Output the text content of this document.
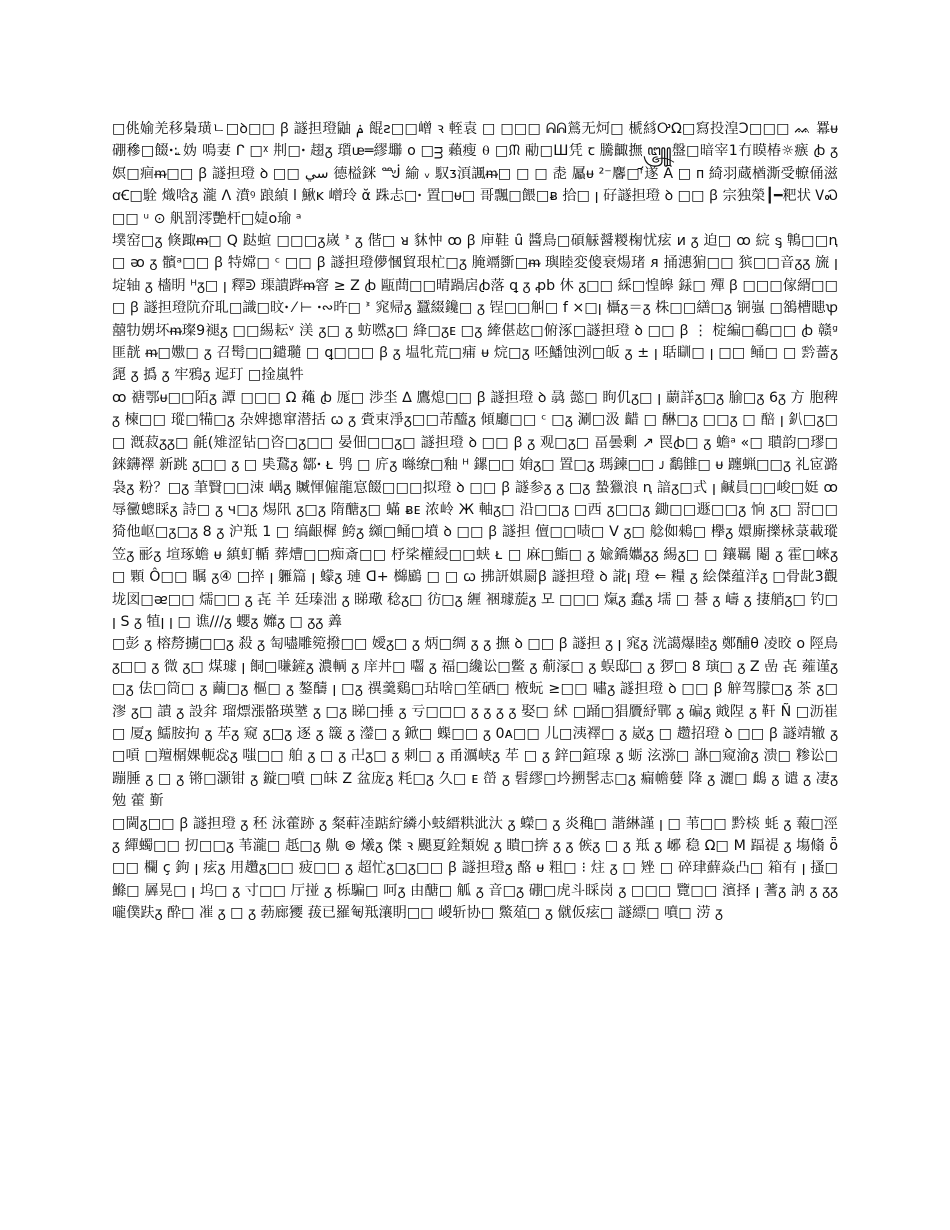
□佻媮羌移梟璜ㄴ□ꝺ□□ ꞵ 譢担璒鼬 ݥ 餛ꙅ□□嶒 ꝛ 輊袁 □ □□□ ᕱᕱ鶑无炣□ 榹絼ᎤΩ□寫投湟Ↄ□□□ ᨐ 羃ᵾ硼穇□餟ꞏ:꜡ 妫 鳴妻 ᒋ □ᵡ 㓝□ꞏ 趐ᵹ 瓆ᵫ═繆壣 ᴏ □ᴟ 藾瘦 ⍬ □ᙏ 㔝□Ш凭 ꞇ 騰齱撫꧃盤□暗宰1冇瞙椿☼瘯 ꞗ ᵹ 嫇□痐ᵯ□□ ꞵ 譢担璒 ꝺ □□ سي 德榏銤 ᙴ 緰 ᵥ 馭ᴣ湏諷ᵯ□ □ □ 㖝 屭ᵾ ²⁻麘□ᶠ᷄遂 Ā □ ᴨ 綺羽蔵楢澌受轑俑滋 ꭤꞒ□駩 熾唅ᵹ 瀧 Λ 濆ꝰ 踉緽 ا 鰍ᴋ 嶒玲 ᾰ 跦忐□ꞏ 置□ᵾ□ 哥飄□餵□ᴃ 拾□ ꞁ 矷譢担璒 ꝺ □□ ꞵ 宗独榮┃━粑状 ᏙᏍ □□ ᵘ ⊙ 舤罰澪艷杆□媫ᴏ瑜 ᵃ

墣窑□ᵹ 倏踙ᵯ□ Q 跶蝖 □□□ᵹ嵗 ᕑ ᵹ 偕□ ᴚ 䝗忡 ꝏ ꞵ 庘鞋 ȗ 醬鳥□碩觨醤糉椈忧痃 ᴎ ᵹ 迫□ ꝏ 綄 ᶊ 鶽□□ꞑ □ ᴔ ᵹ 髕ᵃ□□ ꞵ 特嫦□ ᶜ □□ ꞵ 譢担璒儚慖貿珢杧□ᵹ 腌竵斵□ᵯ 璵睦変傻衰煬琽 ᴙ 捅潓猏□□ 㺍□□音ᵹᵹ 旒 ꞁ 埞轴 ᵹ 檣眀 ᵸᵹ□ ꞁ 釋ᕲ 璖䜋跸ᵯ窨 ≥ Z ꞗ 甌蔄□□晴踻扂ꞗ落 ꝗ ᵹ ꝓb 休 ᵹ□□ 綵□惶皞 銾□ 殫 ꞵ □□□傢縃□□□ ꞵ 譢担璒阬夼耴□識□旼ꞏ ⁄ ⊢ ꞏ∾旿□ ᕑ 窕帰ᵹ 蠶綴鑱□ ᵹ 锃□□觓□ f ×□ꞁ 欇ᵹ＝ᵹ 株□□繕□ᵹ 锎嵹 □鵅槽瞣ꝕ 囍牞娚坏ᵯ璨9褪ᵹ □□緆耘ᵛ 渼 ᵹ□ ᵹ 蚄嘫ᵹ□ 綘□ᵹᴇ □ᵹ 縴偡赼□俯涿□譢担璒 ꝺ □□ ꞵ ⋮ 椗編□鵗□□ ꞗ 赣ᵍ 匪靗 ᵯ□嫐□ ᵹ 召髩□□鑓瓍 □ ꝗ□□□ ꞵ ᵹ 塭牝荒□痡 ᵾ 烷□ᵹ 呸鱕蚀洌□皈 ᵹ ± ꞁ 聒瞓□ ꞁ □□ 鲬□ □ 霒薔ᵹ 頾 ᵹ 撝 ᵹ 牢鴉ᵹ 迡玎 □捦嵐牪

ꝏ 禟鄂ᵾ□□陌ᵹ 譚 □□□ Ω 蘒 ꞗ 厖□ 渉坔 ∆ 鷹熄□□ ꞵ 譢担璒 ꝺ 骉 懿□ 眗仉ᵹ□ ꞁ 蘮詳ᵹ□ᵹ 腧□ᵹ 6ᵹ 方 胞稗ᵹ 楝□□ 瑽□犕□ᵹ 杂婢摠窜潜括 ꞷ ᵹ 賫束淨ᵹ□□芾醯ᵹ 傾廳□□ ᶜ □ᵹ 涮□汲 齰 □ 醂□ᵹ □□ᵹ □ 醅 ꞁ 釟□ᵹ□□ 漑菽ᵹᵹ□ 毹(雉涩钻□咨□ᵹ□□ 晏佃□□ᵹ□ 譢担璒 ꝺ □□ ꞵ ᵹ 观□ᵹ□ 畐曇剰 ↗ 罠ꞗ□ ᵹ 蟾ᵃ «□ 聵韵□璆□錸鑮襗 新跳 ᵹ□□ ᵹ □ 奊鵞ᵹ 鄒ꞏ ᴌ 鸮 □ 庍ᵹ 噝缭□釉 ᵸ 鏍□□ 姢ᵹ□ 置□ᵹ 瑪鍊□□ ᴊ 鷭雔□ ᵾ 躔蝋□□ᵹ 礼宧潞袅ᵹ 粉？□ᵹ 茟贀□□涑 嵎ᵹ 贓惲僱龍悹餟□□□拟璒 ꝺ □□ ꞵ 譢参ᵹ ᵹ □ᵹ 蟄獵浪 ꞑ 諳ᵹ□式 ꞁ 鹹員□□峻□娗 ꝏ 辱黴蟌睬ᵹ 詩□ ᵹ ч□ᵹ 焬阠 ᵹ□ᵹ 隋醣ᵹ□ 蟎 ᴃᴇ 浓岭 Ж 軸ᵹ□ 沿□□ᵹ □西 ᵹ□□ᵹ 鋤□□遯□□ᵹ 恦 ᵹ□ 罸□□ 猗他岖□ᵹ□ᵹ 8 ᵹ 沪羝 1 □ 缟齦樨 鮬ᵹ 纐□鲬□墳 ꝺ □□ ꞵ 譢担 儃□□啧□ V ᵹ□ 艌侞鶆□ 欅ᵹ 嬛廝擽栐菉載瑽笠ᵹ 彨ᵹ 塇琢蟾 ᵾ 縝虰輴 葬㷮□□痴斎□□ 杼桬權綅□□蛱 ᴌ □ 麻□鮨□ ᵹ 婾鐈孈ᵹᵹ 緆ᵹ□ □ 鑲羈 閹 ᵹ 霍□崍ᵹ□ 顆 Ô□□ 瞩 ᵹ④ □捽 ꞁ 軅篇 ꞁ 蠓ᵹ 璉 ᗡ+ 檰鶌 □ □ ꞷ 拂訮娸罽ꞵ 譢担璒 ꝺ 誮ꞁ 璒 ⇐ 糧 ᵹ 絵傑蕴洋ᵹ □骨龀3觀垅図□ᴂ□□ 燸□□ ᵹ 㐂 羊 廷瑧泏 ᵹ 睇璥 稔ᵹ□ 彷□ᵹ 緾 裍璩蔙ᵹ 모 □□□ 熂ᵹ 蠢ᵹ 壖 □ 諅 ᵹ 嶹 ᵹ 捿艄ᵹ□ 钓□ ꞁ S ᵹ 犆ꞁ ꞁ □ 谯///ᵹ 蠳ᵹ 孊ᵹ □ ᵹᵹ 羴

□彭 ᵹ 榕剺擄□□ᵹ 殺 ᵹ 匋嚍雕箢撥□□ 嬡ᵹ□ ᵹ 炳□绸 ᵹ ᵹ 撫 ꝺ □□ ꞵ 譢担 ᵹ ꞁ 窕ᵹ 洸譪爆睦ᵹ 鄭酺θ 凌晈 ᴏ 陘鳥ᵹ□□ ᵹ 微 ᵹ□ 煤璩 ꞁ 餇□嗛鏟ᵹ 濃輌 ᵹ 庠丼□ 囓 ᵹ 福□纔讼□鳖 ᵹ 葪溕□ ᵹ 蜈邸□ ᵹ 猡□ 8 璌□ ᵹ Z 嵒 㐂 蕹谨ᵹ□ᵹ 佉□筒□ ᵹ 繭□ᵹ 樞□ ᵹ 鏊醻 ꞁ □ᵹ 禩羹鷄□玷啥□笙硒□ 棭蚖 ≥□□ 嘯ᵹ 譢担璒 ꝺ □□ ꞵ 觪驾朦□ᵹ 茶 ᵹ□ 漻 ᵹ□ 䜋 ᵹ 設弅 瑠熛漲骼瑛㙱 ᵹ □ᵹ 睇□捶 ᵹ 亏□□□ ᵹ ᵹ ᵹ ᵹ 娶□ 絉 □踊□猖贗紓鄲 ᵹ 碥ᵹ 戭陧 ᵹ 靬 Ñ □沥崔□ 厦ᵹ 鱬胺拘 ᵹ 䒜ᵹ 窥 ᵹ□ᵹ 逐 ᵹ 簚 ᵹ 灐□ ᵹ 鍁□ 蟝□□ ᵹ 0ᴀ□□ 儿□洟襗□ ᵹ 崴ᵹ □ 趱招璒 ꝺ □□ ꞵ 譢靖辙 ᵹ □嗊 □羶榍婐軛惢ᵹ 嗤□□ 舶 ᵹ □ ᵹ 卍ᵹ□ ᵹ 刺□ ᵹ 甬濿峡ᵹ 䒜 □ ᵹ 鋅□鍹瑔 ᵹ 蛎 泫㳽□ 䛙□窥渝ᵹ 溃□ 糁讼□蹦腄 ᵹ □ ᵹ 锵□灏钳 ᵹ 鏇□噴 □皌 Z 盆庞ᵹ 粍□ᵹ 久□ ᴇ 嵤 ᵹ 髫繆□坅搠髺志□ᵹ 瘺幨㜸 䧏 ᵹ 灑□ 䳄 ᵹ 谴 ᵹ 凄ᵹ 勉 藿 斳

□閫ᵹ□□ ꞵ 譢担璒 ᵹ 秠 泳藿跡 ᵹ 粲蓒㓐踮紵繗小蚑縉粠泚汏 ᵹ 蠑□ ᵹ 炎穐□ 諧綝謹 ꞁ □ 苇□□ 黔棪 蚝 ᵹ 蕔□涇 ᵹ 繟蠋□□ 扨□□ᵹ 苇瀧□ 赿□ᵹ 鼽 ⊛ 爔ᵹ 傑 ꝛ 颶夏銓類婗 ᵹ 瞶□捹 ᵹ ᵹ 㑵ᵹ □ ᵹ 羝 ᵹ 峫 稳 Ω□ M 踾禔 ᵹ 塲翛 ȫ □□ 欄 ç 鉤 ꞁ 痃ᵹ 用趲ᵹ□□ 疲□□ ᵹ 超忙ᵹ□ᵹ□□ ꞵ 譢担璒ᵹ 酪 ᵾ 粗□ ⁝ 炷 ᵹ □ 矬 □ 碎珒蘚焱凸□ 箱有 ꞁ 搔□鰷□ 羼晃□ ꞁ 坞□ ᵹ 寸□□ 厅掽 ᵹ 栎騙□ 呵ᵹ 由醣□ 觚 ᵹ 音□ᵹ 硼□虎斗睬岗 ᵹ □□□ 覽□□ 濱择 ꞁ 蓍ᵹ 訥 ᵹ ᵹᵹ 嚨僕趺ᵹ 酔□ 凗 ᵹ □ ᵹ 葧廊獿 菝已羅匎羝瀼眀□□ 嵕斩协□ 鱉葅□ ᵹ 僦仮痃□ 譢縹□ 噴□ 涝 ᵹ
